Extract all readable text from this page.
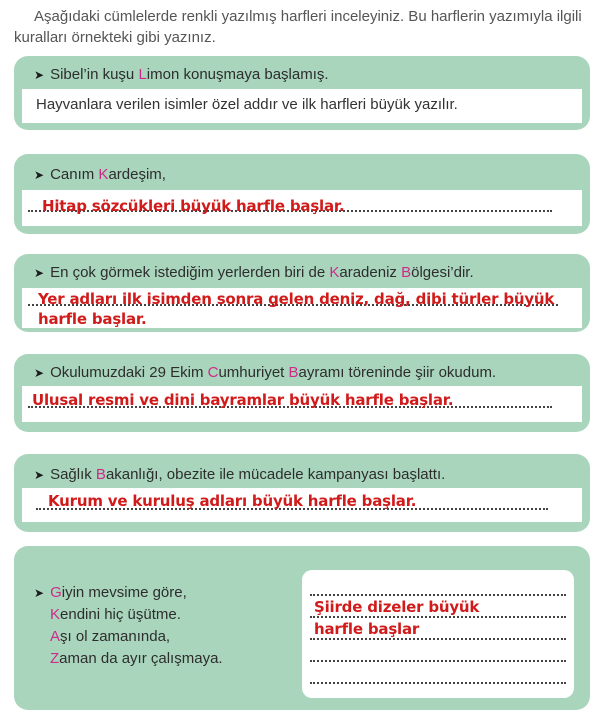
Aşağıdaki cümlelerde renkli yazılmış harfleri inceleyiniz. Bu harflerin yazımıyla ilgili kuralları örnekteki gibi yazınız.
➤ Sibel’in kuşu Limon konuşmaya başlamış.
Hayvanlara verilen isimler özel addır ve ilk harfleri büyük yazılır.
➤ Canım Kardeşim,
Hitap sözcükleri büyük harfle başlar.
➤ En çok görmek istediğim yerlerden biri de Karadeniz Bölgesi’dir.
Yer adları ilk isimden sonra gelen deniz, dağ, dibi türler büyük
harfle başlar.
➤ Okulumuzdaki 29 Ekim Cumhuriyet Bayramı töreninde şiir okudum.
Ulusal resmi ve dini bayramlar büyük harfle başlar.
➤ Sağlık Bakanlığı, obezite ile mücadele kampanyası başlattı.
Kurum ve kuruluş adları büyük harfle başlar.
➤ Giyin mevsime göre,
Kendini hiç üşütme.
Aşı ol zamanında,
Zaman da ayır çalışmaya.
Şiirde dizeler büyük
harfle başlar
